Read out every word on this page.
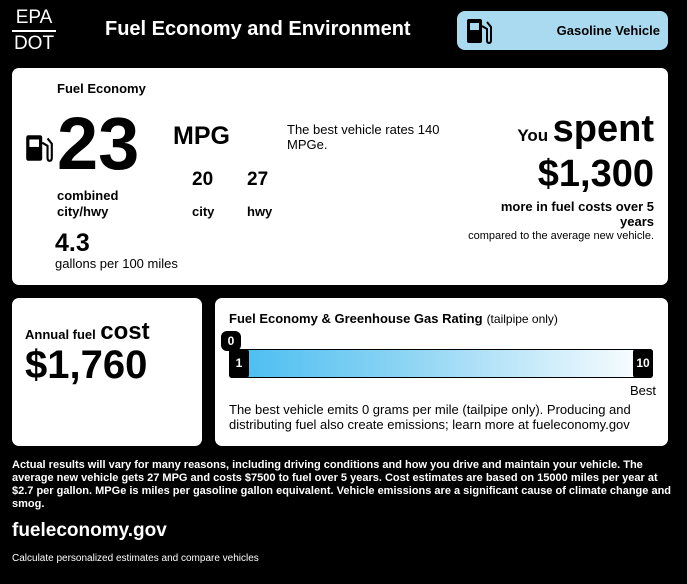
EPA
DOT
Fuel Economy and Environment	Gasoline Vehicle
Fuel Economy
23 MPG
combined city/hwy
20
city
27
hwy
The best vehicle rates 140 MPGe.
4.3
gallons per 100 miles
You spent
$1,300
more in fuel costs over 5 years
compared to the average new vehicle.
Annual fuel cost
$1,760
Fuel Economy & Greenhouse Gas Rating (tailpipe only)
1	10
0
Best
The best vehicle emits 0 grams per mile (tailpipe only). Producing and distributing fuel also create emissions; learn more at fueleconomy.gov
Actual results will vary for many reasons, including driving conditions and how you drive and maintain your vehicle. The average new vehicle gets 27 MPG and costs $7500 to fuel over 5 years. Cost estimates are based on 15000 miles per year at $2.7 per gallon. MPGe is miles per gasoline gallon equivalent. Vehicle emissions are a significant cause of climate change and smog.
fueleconomy.gov
Calculate personalized estimates and compare vehicles
